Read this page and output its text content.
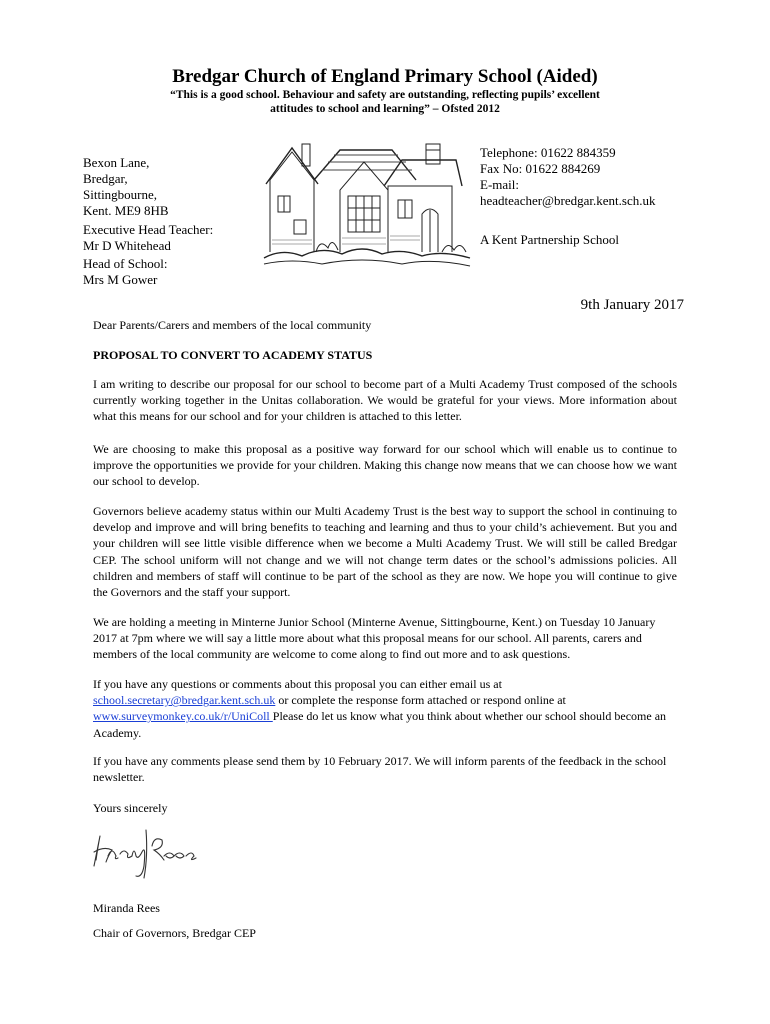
Bredgar Church of England Primary School (Aided)
“This is a good school. Behaviour and safety are outstanding, reflecting pupils’ excellent
attitudes to school and learning” – Ofsted 2012
Bexon Lane,
Bredgar,
Sittingbourne,
Kent. ME9 8HB
Executive Head Teacher:
Mr D Whitehead
Head of School:
Mrs M Gower
Telephone: 01622 884359
Fax No: 01622 884269
E-mail:
headteacher@bredgar.kent.sch.uk
A Kent Partnership School
9th January 2017
Dear Parents/Carers and members of the local community
PROPOSAL TO CONVERT TO ACADEMY STATUS
I am writing to describe our proposal for our school to become part of a Multi Academy Trust composed of the schools currently working together in the Unitas collaboration. We would be grateful for your views. More information about what this means for our school and for your children is attached to this letter.
We are choosing to make this proposal as a positive way forward for our school which will enable us to continue to improve the opportunities we provide for your children. Making this change now means that we can choose how we want our school to develop.
Governors believe academy status within our Multi Academy Trust is the best way to support the school in continuing to develop and improve and will bring benefits to teaching and learning and thus to your child’s achievement. But you and your children will see little visible difference when we become a Multi Academy Trust. We will still be called Bredgar CEP. The school uniform will not change and we will not change term dates or the school’s admissions policies. All children and members of staff will continue to be part of the school as they are now. We hope you will continue to give the Governors and the staff your support.
We are holding a meeting in Minterne Junior School (Minterne Avenue, Sittingbourne, Kent.) on Tuesday 10 January 2017 at 7pm where we will say a little more about what this proposal means for our school. All parents, carers and members of the local community are welcome to come along to find out more and to ask questions.
If you have any questions or comments about this proposal you can either email us at
school.secretary@bredgar.kent.sch.uk or complete the response form attached or respond online at
www.surveymonkey.co.uk/r/UniColl Please do let us know what you think about whether our school should become an Academy.
If you have any comments please send them by 10 February 2017. We will inform parents of the feedback in the school newsletter.
Yours sincerely
Miranda Rees
Chair of Governors, Bredgar CEP
